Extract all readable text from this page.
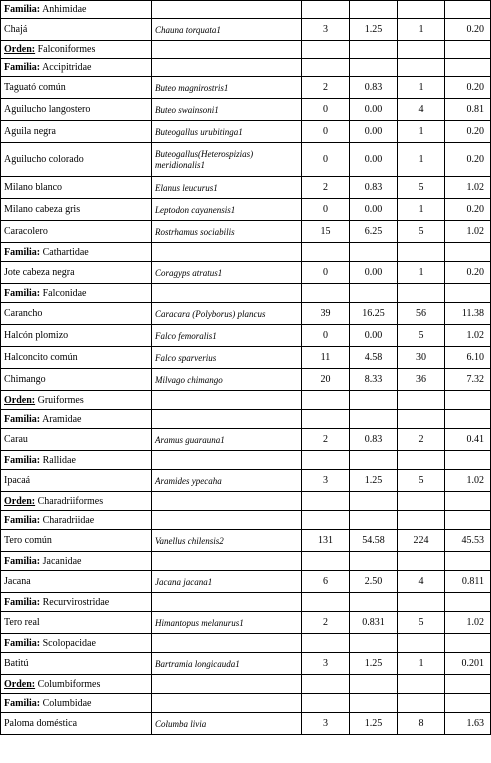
Familia: Anhimidae					
Chajá	Chauna torquata1	3	1.25	1	0.20
Orden: Falconiformes					
Familia: Accipitridae					
Taguató común	Buteo magnirostris1	2	0.83	1	0.20
Aguilucho langostero	Buteo swainsoni1	0	0.00	4	0.81
Aguila negra	Buteogallus urubitinga1	0	0.00	1	0.20
Aguilucho colorado	Buteogallus(Heterospizias) meridionalis1	0	0.00	1	0.20
Milano blanco	Elanus leucurus1	2	0.83	5	1.02
Milano cabeza gris	Leptodon cayanensis1	0	0.00	1	0.20
Caracolero	Rostrhamus sociabilis	15	6.25	5	1.02
Familia: Cathartidae					
Jote cabeza negra	Coragyps atratus1	0	0.00	1	0.20
Familia: Falconidae					
Carancho	Caracara (Polyborus) plancus	39	16.25	56	11.38
Halcón plomizo	Falco femoralis1	0	0.00	5	1.02
Halconcito común	Falco sparverius	11	4.58	30	6.10
Chimango	Milvago chimango	20	8.33	36	7.32
Orden: Gruiformes					
Familia: Aramidae					
Carau	Aramus guarauna1	2	0.83	2	0.41
Familia: Rallidae					
Ipacaá	Aramides ypecaha	3	1.25	5	1.02
Orden: Charadriiformes					
Familia: Charadriidae					
Tero común	Vanellus chilensis2	131	54.58	224	45.53
Familia: Jacanidae					
Jacana	Jacana jacana1	6	2.50	4	0.811
Familia: Recurvirostridae					
Tero real	Himantopus melanurus1	2	0.831	5	1.02
Familia: Scolopacidae					
Batitú	Bartramia longicauda1	3	1.25	1	0.201
Orden: Columbiformes					
Familia: Columbidae					
Paloma doméstica	Columba livia	3	1.25	8	1.63
